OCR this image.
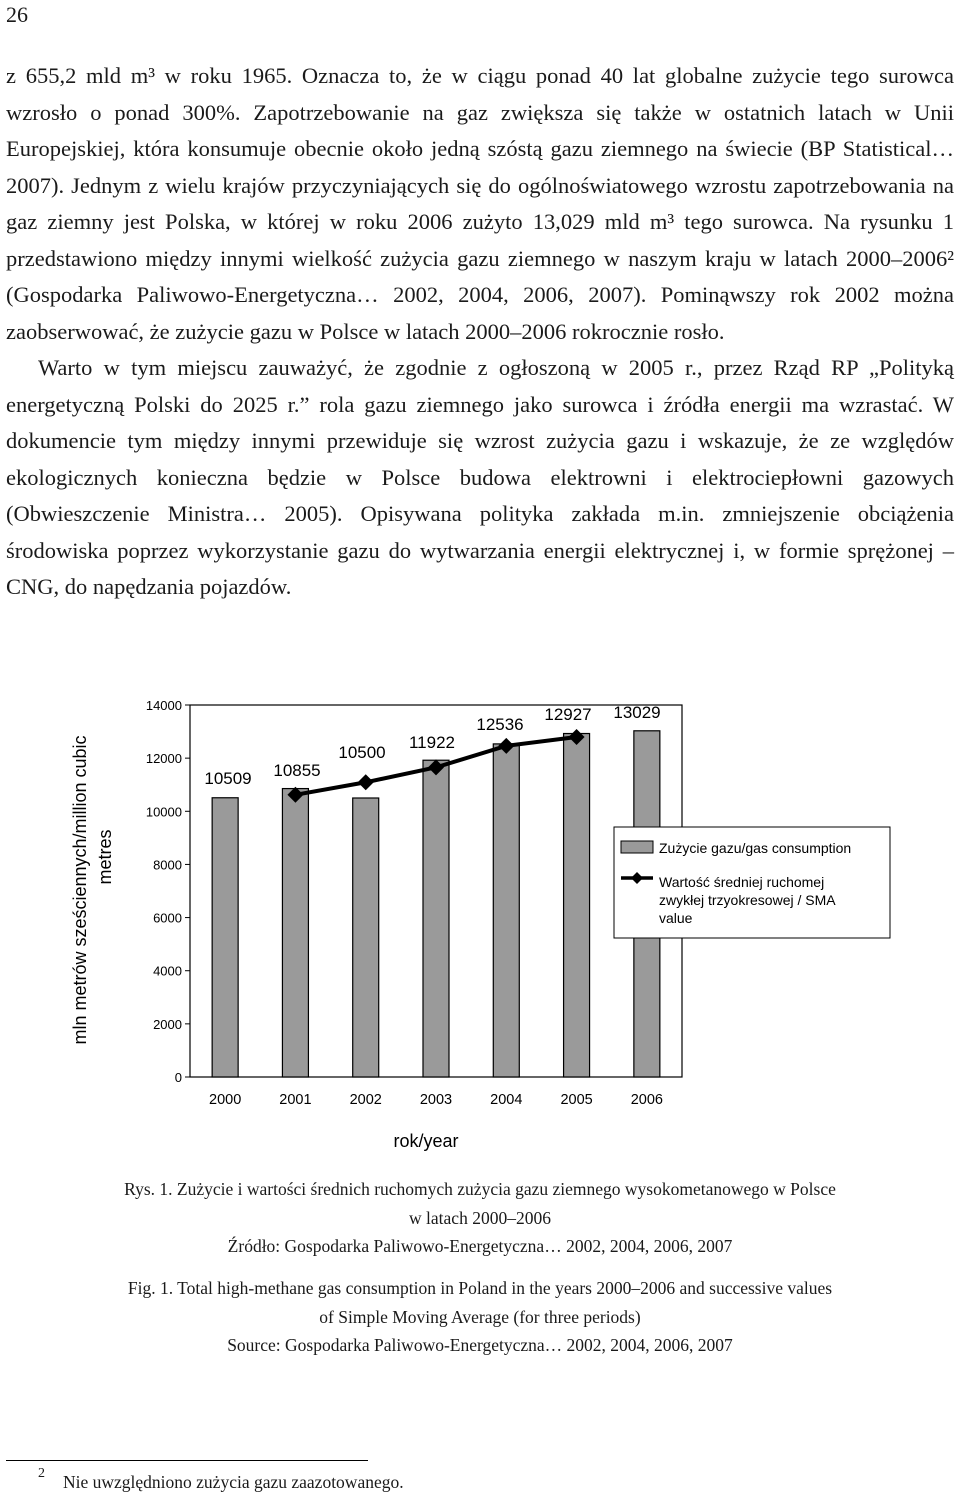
26

z 655,2 mld m³ w roku 1965. Oznacza to, że w ciągu ponad 40 lat globalne zużycie tego surowca wzrosło o ponad 300%. Zapotrzebowanie na gaz zwiększa się także w ostatnich latach w Unii Europejskiej, która konsumuje obecnie około jedną szóstą gazu ziemnego na świecie (BP Statistical… 2007). Jednym z wielu krajów przyczyniających się do ogólnoświatowego wzrostu zapotrzebowania na gaz ziemny jest Polska, w której w roku 2006 zużyto 13,029 mld m³ tego surowca. Na rysunku 1 przedstawiono między innymi wielkość zużycia gazu ziemnego w naszym kraju w latach 2000–2006² (Gospodarka Paliwowo-Energetyczna… 2002, 2004, 2006, 2007). Pominąwszy rok 2002 można zaobserwować, że zużycie gazu w Polsce w latach 2000–2006 rokrocznie rosło.

Warto w tym miejscu zauważyć, że zgodnie z ogłoszoną w 2005 r., przez Rząd RP „Polityką energetyczną Polski do 2025 r.” rola gazu ziemnego jako surowca i źródła energii ma wzrastać. W dokumencie tym między innymi przewiduje się wzrost zużycia gazu i wskazuje, że ze względów ekologicznych konieczna będzie w Polsce budowa elektrowni i elektrociepłowni gazowych (Obwieszczenie Ministra… 2005). Opisywana polityka zakłada m.in. zmniejszenie obciążenia środowiska poprzez wykorzystanie gazu do wytwarzania energii elektrycznej i, w formie sprężonej – CNG, do napędzania pojazdów.

0
2000
4000
6000
8000
10000
12000
14000
2000	2001	2002	2003	2004	2005	2006
10509 10855
10500
11922
12536
12927 13029
rok/year
mln metrów sześciennych/million cubic metres	Zużycie gazu/gas consumption
Wartość średniej ruchomej
zwykłej trzyokresowej / SMA
value
Rys. 1. Zużycie i wartości średnich ruchomych zużycia gazu ziemnego wysokometanowego w Polsce
w latach 2000–2006
Źródło: Gospodarka Paliwowo-Energetyczna… 2002, 2004, 2006, 2007
Fig. 1. Total high-methane gas consumption in Poland in the years 2000–2006 and successive values
of Simple Moving Average (for three periods)
Source: Gospodarka Paliwowo-Energetyczna… 2002, 2004, 2006, 2007
$^2$ Nie uwzględniono zużycia gazu zaazotowanego.
